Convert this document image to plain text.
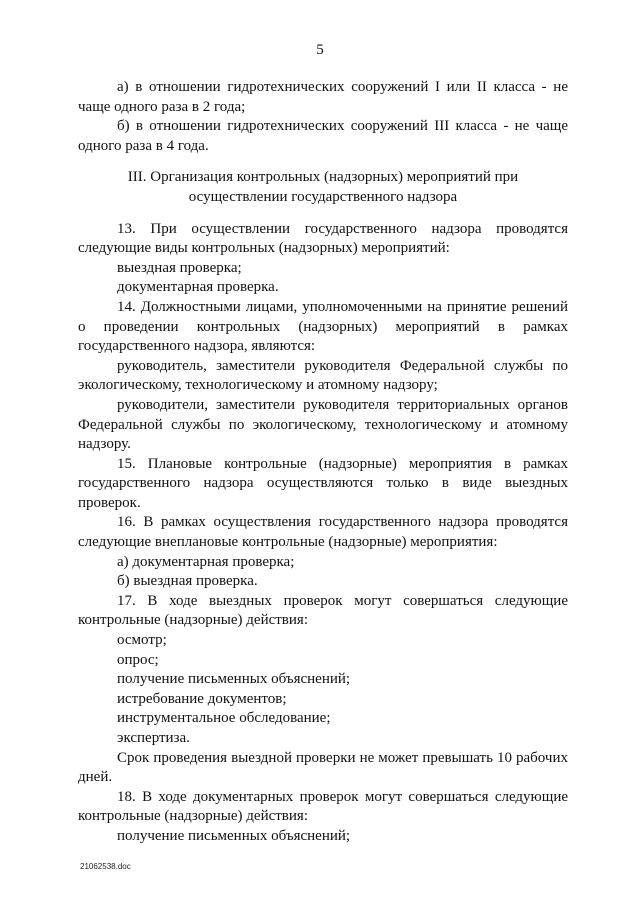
5

а) в отношении гидротехнических сооружений I или II класса - не чаще одного раза в 2 года;

б) в отношении гидротехнических сооружений III класса - не чаще одного раза в 4 года.

III. Организация контрольных (надзорных) мероприятий при осуществлении государственного надзора

13. При осуществлении государственного надзора проводятся следующие виды контрольных (надзорных) мероприятий:

выездная проверка;

документарная проверка.

14. Должностными лицами, уполномоченными на принятие решений о проведении контрольных (надзорных) мероприятий в рамках государственного надзора, являются:

руководитель, заместители руководителя Федеральной службы по экологическому, технологическому и атомному надзору;

руководители, заместители руководителя территориальных органов Федеральной службы по экологическому, технологическому и атомному надзору.

15. Плановые контрольные (надзорные) мероприятия в рамках государственного надзора осуществляются только в виде выездных проверок.

16. В рамках осуществления государственного надзора проводятся следующие внеплановые контрольные (надзорные) мероприятия:

а) документарная проверка;

б) выездная проверка.

17. В ходе выездных проверок могут совершаться следующие контрольные (надзорные) действия:

осмотр;

опрос;

получение письменных объяснений;

истребование документов;

инструментальное обследование;

экспертиза.

Срок проведения выездной проверки не может превышать 10 рабочих дней.

18. В ходе документарных проверок могут совершаться следующие контрольные (надзорные) действия:

получение письменных объяснений;

21062538.doc
